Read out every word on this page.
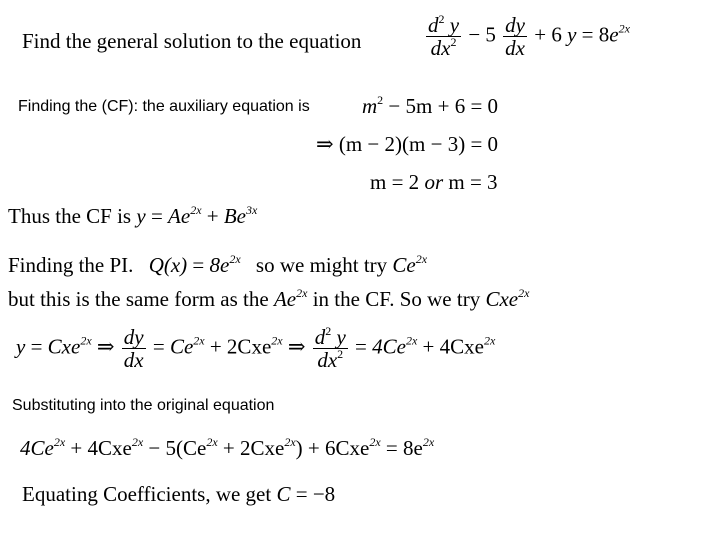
Find the general solution to the equation	$\frac{d^2 y}{dx^2} - 5 \frac{dy}{dx} + 6$ $y = 8e^{2x}$
Finding the (CF): the auxiliary equation is $m^2 - 5m + 6 = 0$
⇒ (m − 2)(m − 3) = 0
m = 2 or m = 3
Thus the CF is $y = Ae^{2x} + Be^{3x}$
Finding the PI. $Q(x) = 8e^{2x}$ so we might try $Ce^{2x}$
but this is the same form as the $Ae^{2x}$ in the CF. So we try Cxe$^{2x}$
y = Cxe$^{2x}$ ⇒ $\frac{dy}{dx} = Ce^{2x} + 2Cxe^{2x}$ ⇒ $\frac{d^2 y}{dx^2} = 4Ce^{2x} + 4Cxe^{2x}$
Substituting into the original equation
$4Ce^{2x} + 4Cxe^{2x} - 5(Ce^{2x} + 2Cxe^{2x}) + 6Cxe^{2x} = 8e^{2x}$
Equating Coefficients, we get C = −8
